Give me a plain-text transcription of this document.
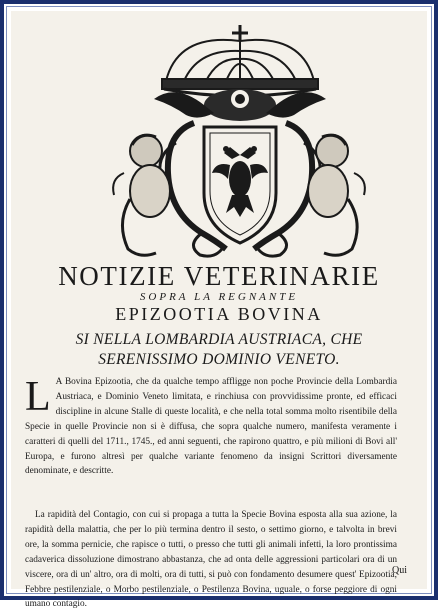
NOTIZIE VETERINARIE
SOPRA LA REGNANTE
EPIZOOTIA BOVINA
SI NELLA LOMBARDIA AUSTRIACA, CHE
SERENISSIMO DOMINIO VENETO.
L A Bovina Epizootia, che da qualche tempo affligge non poche Provincie della Lombardia Austriaca, e Dominio Veneto limitata, e rinchiusa con provvidissime pronte, ed efficaci discipline in alcune Stalle di queste località, e che nella total somma molto risentibile della Specie in quelle Provincie non si è diffusa, che sopra qualche numero, manifesta veramente i caratteri di quelli del 1711., 1745., ed anni seguenti, che rapirono quattro, e più milioni di Bovi all' Europa, e furono altresì per qualche variante fenomeno da insigni Scrittori diversamente denominate, e descritte.

La rapidità del Contagio, con cui si propaga a tutta la Specie Bovina esposta alla sua azione, la rapidità della malattia, che per lo più termina dentro il sesto, o settimo giorno, e talvolta in brevi ore, la somma pernicie, che rapisce o tutti, o presso che tutti gli animali infetti, la loro prontissima cadaverica dissoluzione dimostrano abbastanza, che ad onta delle aggressioni particolari ora di un viscere, ora di un' altro, ora di molti, ora di tutti, si può con fondamento desumere quest' Epizootia, Febbre pestilenziale, o Morbo pestilenziale, o Pestilenza Bovina, uguale, o forse peggiore di ogni umano contagio.

Qui
